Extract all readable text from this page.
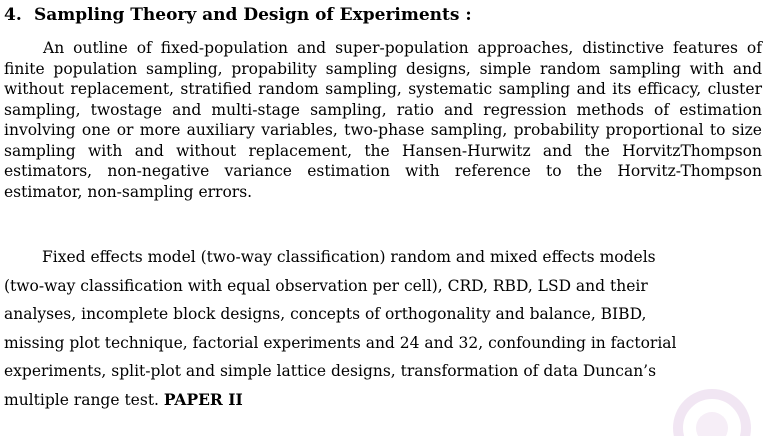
4. Sampling Theory and Design of Experiments :

An outline of fixed-population and super-population approaches, distinctive features of finite population sampling, propability sampling designs, simple random sampling with and without replacement, stratified random sampling, systematic sampling and its efficacy, cluster sampling, twostage and multi-stage sampling, ratio and regression methods of estimation involving one or more auxiliary variables, two-phase sampling, probability proportional to size sampling with and without replacement, the Hansen-Hurwitz and the HorvitzThompson estimators, non-negative variance estimation with reference to the Horvitz-Thompson estimator, non-sampling errors.

Fixed effects model (two-way classification) random and mixed effects models
(two-way classification with equal observation per cell), CRD, RBD, LSD and their
analyses, incomplete block designs, concepts of orthogonality and balance, BIBD,
missing plot technique, factorial experiments and 24 and 32, confounding in factorial
experiments, split-plot and simple lattice designs, transformation of data Duncan’s
multiple range test. PAPER II
